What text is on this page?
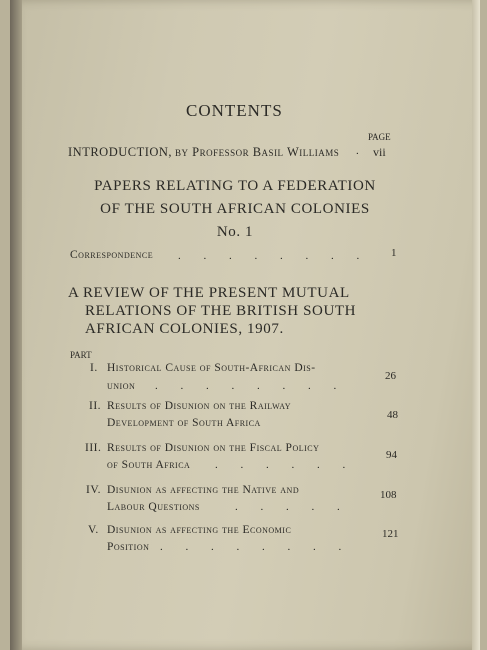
CONTENTS
PAGE
INTRODUCTION, by Professor Basil Williams . vii
PAPERS RELATING TO A FEDERATION
OF THE SOUTH AFRICAN COLONIES
No. 1
Correspondence . . . . . . . . 1
A REVIEW OF THE PRESENT MUTUAL
RELATIONS OF THE BRITISH SOUTH
AFRICAN COLONIES, 1907.
PART
I. Historical Cause of South-African Dis-
union . . . . . . . .
26
II. Results of Disunion on the Railway
Development of South Africa
48
III. Results of Disunion on the Fiscal Policy
of South Africa . . . . . .
94
IV. Disunion as affecting the Native and
Labour Questions	. . . . .
108
V. Disunion as affecting the Economic
Position . . . . . . . .
121
